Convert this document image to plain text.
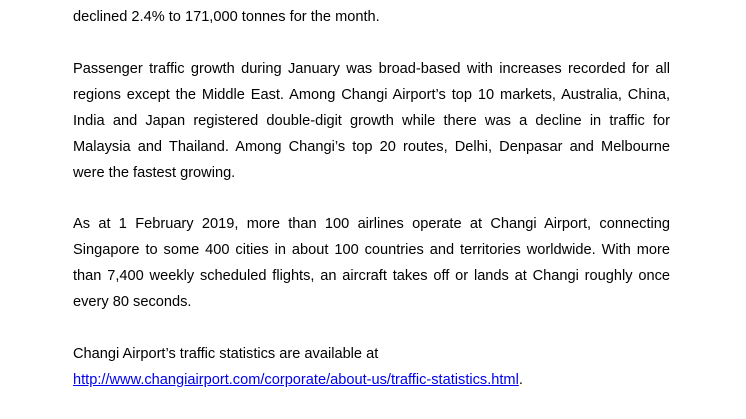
declined 2.4% to 171,000 tonnes for the month.

Passenger traffic growth during January was broad-based with increases recorded for all
regions except the Middle East. Among Changi Airport’s top 10 markets, Australia, China,
India and Japan registered double-digit growth while there was a decline in traffic for
Malaysia and Thailand. Among Changi’s top 20 routes, Delhi, Denpasar and Melbourne
were the fastest growing.

As at 1 February 2019, more than 100 airlines operate at Changi Airport, connecting
Singapore to some 400 cities in about 100 countries and territories worldwide. With more
than 7,400 weekly scheduled flights, an aircraft takes off or lands at Changi roughly once
every 80 seconds.

Changi Airport’s traffic statistics are available at
http://www.changiairport.com/corporate/about-us/traffic-statistics.html.
